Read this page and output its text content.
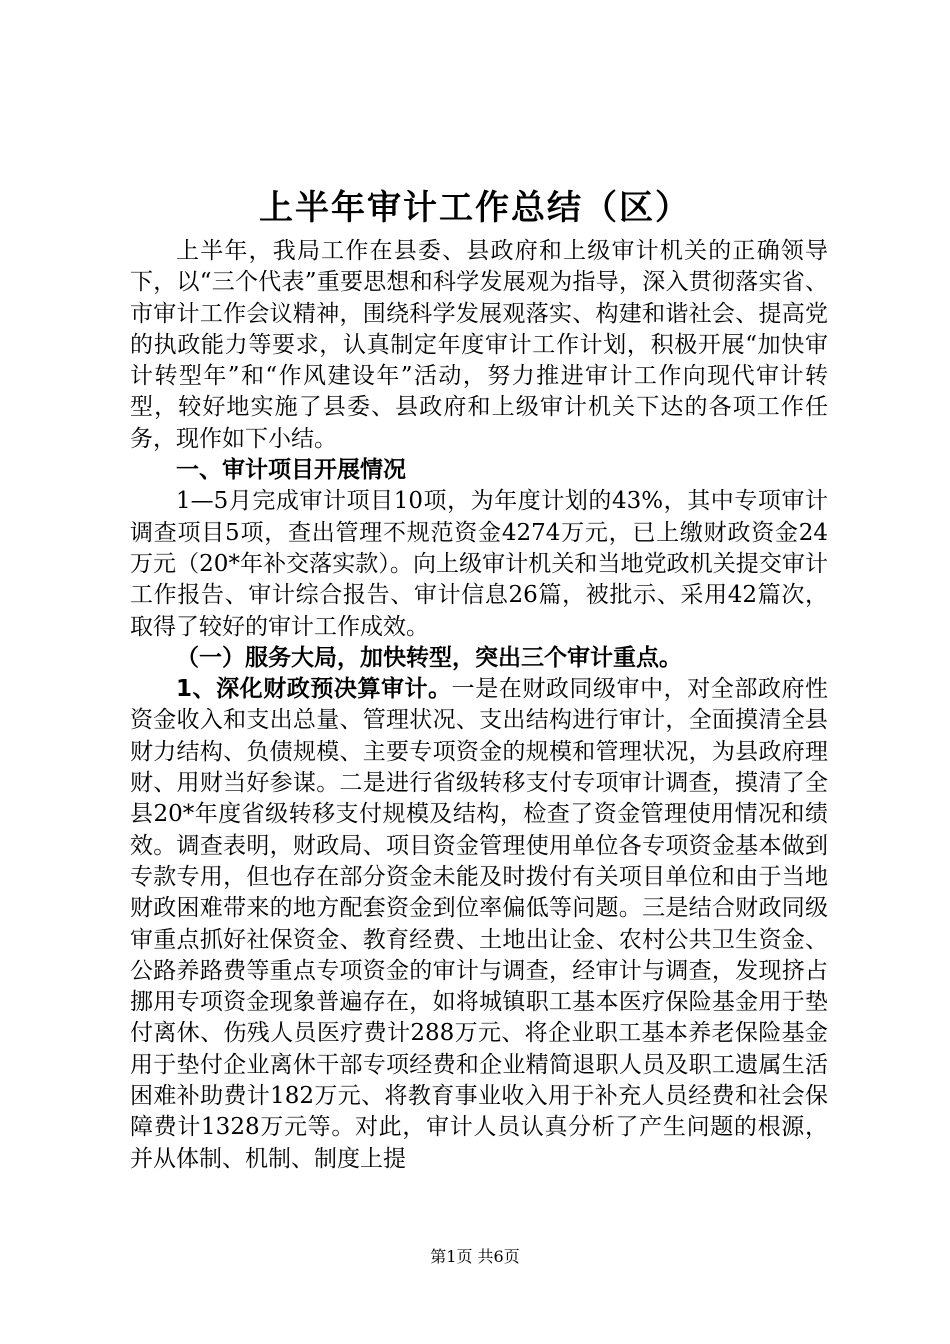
上半年审计工作总结（区）

上半年，我局工作在县委、县政府和上级审计机关的正确领导下，以“三个代表”重要思想和科学发展观为指导，深入贯彻落实省、市审计工作会议精神，围绕科学发展观落实、构建和谐社会、提高党的执政能力等要求，认真制定年度审计工作计划，积极开展“加快审计转型年”和“作风建设年”活动，努力推进审计工作向现代审计转型，较好地实施了县委、县政府和上级审计机关下达的各项工作任务，现作如下小结。

一、审计项目开展情况

1—5月完成审计项目10项，为年度计划的43%，其中专项审计调查项目5项，查出管理不规范资金4274万元，已上缴财政资金24万元（20*年补交落实款）。向上级审计机关和当地党政机关提交审计工作报告、审计综合报告、审计信息26篇，被批示、采用42篇次，取得了较好的审计工作成效。

（一）服务大局，加快转型，突出三个审计重点。

1、深化财政预决算审计。一是在财政同级审中，对全部政府性资金收入和支出总量、管理状况、支出结构进行审计，全面摸清全县财力结构、负债规模、主要专项资金的规模和管理状况，为县政府理财、用财当好参谋。二是进行省级转移支付专项审计调查，摸清了全县20*年度省级转移支付规模及结构，检查了资金管理使用情况和绩效。调查表明，财政局、项目资金管理使用单位各专项资金基本做到专款专用，但也存在部分资金未能及时拨付有关项目单位和由于当地财政困难带来的地方配套资金到位率偏低等问题。三是结合财政同级审重点抓好社保资金、教育经费、土地出让金、农村公共卫生资金、公路养路费等重点专项资金的审计与调查，经审计与调查，发现挤占挪用专项资金现象普遍存在，如将城镇职工基本医疗保险基金用于垫付离休、伤残人员医疗费计288万元、将企业职工基本养老保险基金用于垫付企业离休干部专项经费和企业精简退职人员及职工遗属生活困难补助费计182万元、将教育事业收入用于补充人员经费和社会保障费计1328万元等。对此，审计人员认真分析了产生问题的根源，并从体制、机制、制度上提

第1页 共6页
